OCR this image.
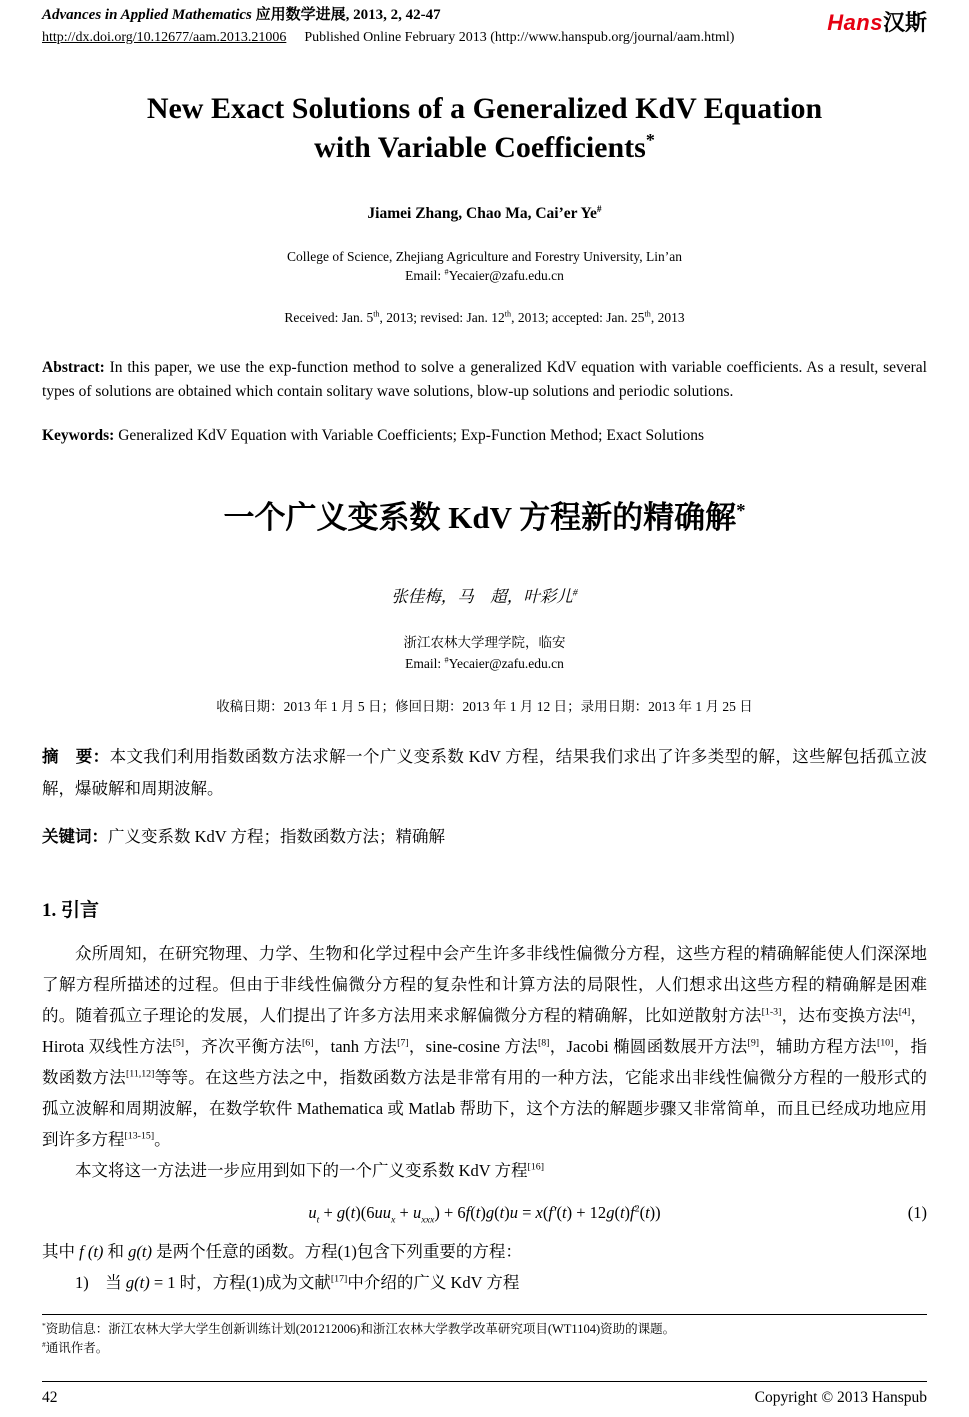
Advances in Applied Mathematics 应用数学进展, 2013, 2, 42-47
http://dx.doi.org/10.12677/aam.2013.21006 Published Online February 2013 (http://www.hanspub.org/journal/aam.html)
Hans汉斯
New Exact Solutions of a Generalized KdV Equation
with Variable Coefficients*
Jiamei Zhang, Chao Ma, Cai’er Ye#
College of Science, Zhejiang Agriculture and Forestry University, Lin’an
Email: #Yecaier@zafu.edu.cn
Received: Jan. 5th, 2013; revised: Jan. 12th, 2013; accepted: Jan. 25th, 2013
Abstract: In this paper, we use the exp-function method to solve a generalized KdV equation with variable coefficients. As a result, several types of solutions are obtained which contain solitary wave solutions, blow-up solutions and periodic solutions.
Keywords: Generalized KdV Equation with Variable Coefficients; Exp-Function Method; Exact Solutions
一个广义变系数 KdV 方程新的精确解*
张佳梅，马　超，叶彩儿#
浙江农林大学理学院，临安
Email: #Yecaier@zafu.edu.cn
收稿日期：2013 年 1 月 5 日；修回日期：2013 年 1 月 12 日；录用日期：2013 年 1 月 25 日
摘　要：本文我们利用指数函数方法求解一个广义变系数 KdV 方程，结果我们求出了许多类型的解，这些解包括孤立波解，爆破解和周期波解。
关键词：广义变系数 KdV 方程；指数函数方法；精确解
1. 引言
众所周知，在研究物理、力学、生物和化学过程中会产生许多非线性偏微分方程，这些方程的精确解能使人们深深地了解方程所描述的过程。但由于非线性偏微分方程的复杂性和计算方法的局限性，人们想求出这些方程的精确解是困难的。随着孤立子理论的发展，人们提出了许多方法用来求解偏微分方程的精确解，比如逆散射方法[1-3]，达布变换方法[4]，Hirota 双线性方法[5]，齐次平衡方法[6]，tanh 方法[7]，sine-cosine 方法[8]，Jacobi 椭圆函数展开方法[9]，辅助方程方法[10]，指数函数方法[11,12]等等。在这些方法之中，指数函数方法是非常有用的一种方法，它能求出非线性偏微分方程的一般形式的孤立波解和周期波解，在数学软件 Mathematica 或 Matlab 帮助下，这个方法的解题步骤又非常简单，而且已经成功地应用到许多方程[13-15]。
本文将这一方法进一步应用到如下的一个广义变系数 KdV 方程[16]
$u_t + g(t)(6uu_x + u_{xxx}) + 6f(t)g(t)u = x(f'(t) + 12g(t)f^2(t))$	(1)
其中 f (t) 和 g(t) 是两个任意的函数。方程(1)包含下列重要的方程：
1)　当 g(t) = 1 时，方程(1)成为文献[17]中介绍的广义 KdV 方程
*资助信息：浙江农林大学大学生创新训练计划(201212006)和浙江农林大学教学改革研究项目(WT1104)资助的课题。
#通讯作者。
42	Copyright © 2013 Hanspub
